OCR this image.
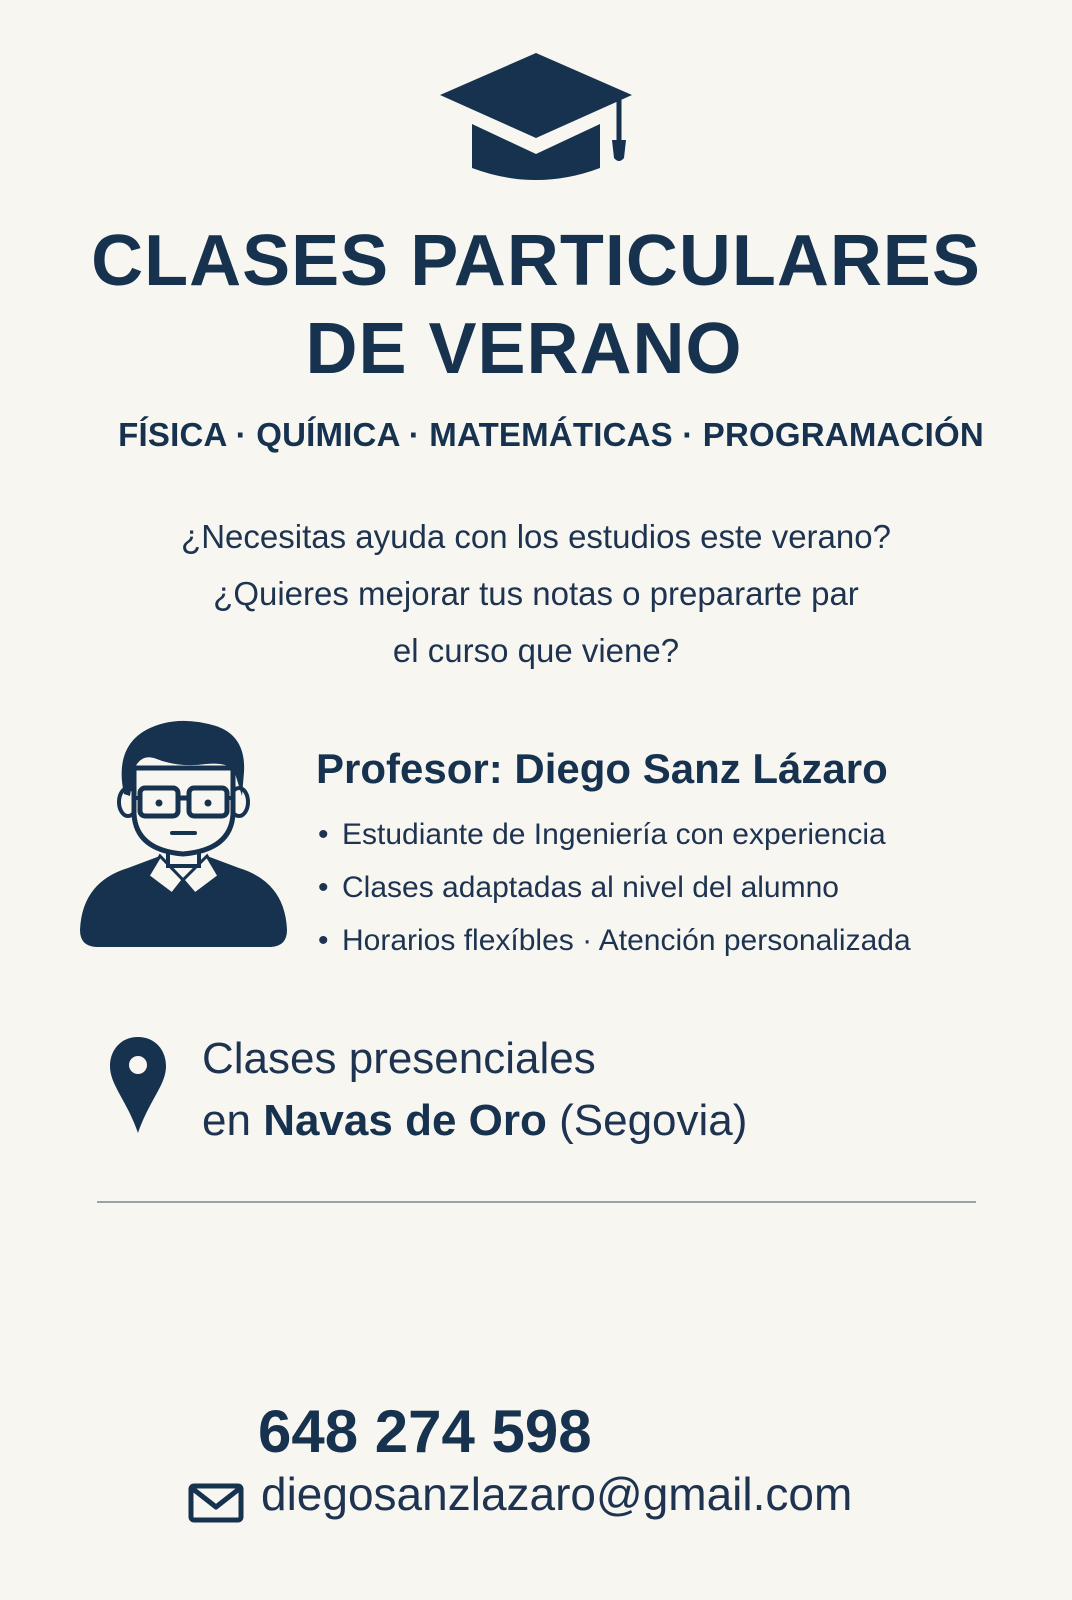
CLASES PARTICULARES
DE VERANO
FÍSICA · QUÍMICA · MATEMÁTICAS · PROGRAMACIÓN
¿Necesitas ayuda con los estudios este verano?
¿Quieres mejorar tus notas o prepararte par
el curso que viene?
Profesor: Diego Sanz Lázaro
• Estudiante de Ingeniería con experiencia
• Clases adaptadas al nivel del alumno
• Horarios flexíbles · Atención personalizada
Clases presenciales
en Navas de Oro (Segovia)
648 274 598
diegosanzlazaro@gmail.com
